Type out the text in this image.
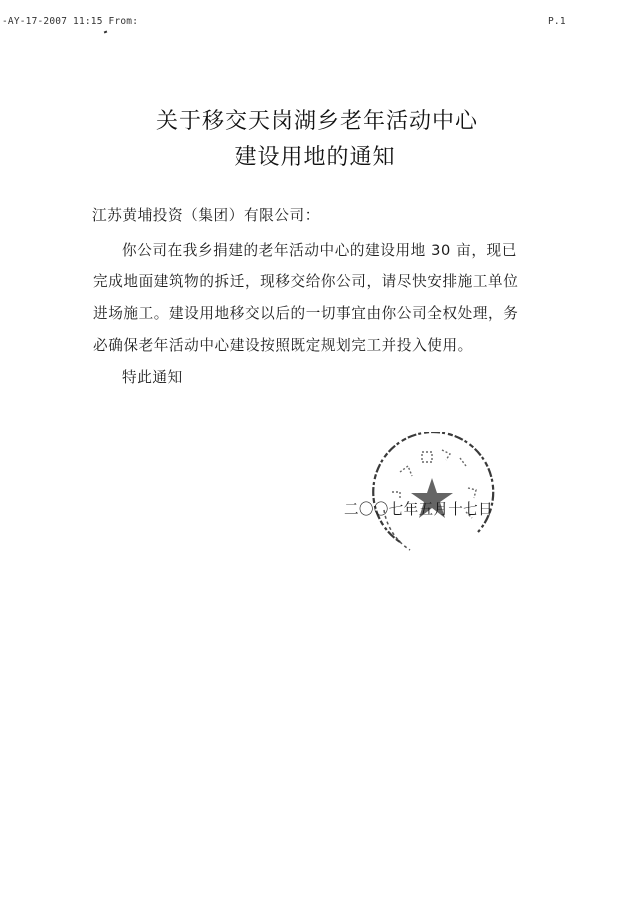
-AY-17-2007 11:15 From:	P.1
关于移交天岗湖乡老年活动中心
建设用地的通知
江苏黄埔投资（集团）有限公司：
你公司在我乡捐建的老年活动中心的建设用地 30 亩，现已
完成地面建筑物的拆迁，现移交给你公司，请尽快安排施工单位
进场施工。建设用地移交以后的一切事宜由你公司全权处理，务
必确保老年活动中心建设按照既定规划完工并投入使用。
特此通知
二〇〇七年五月十七日
